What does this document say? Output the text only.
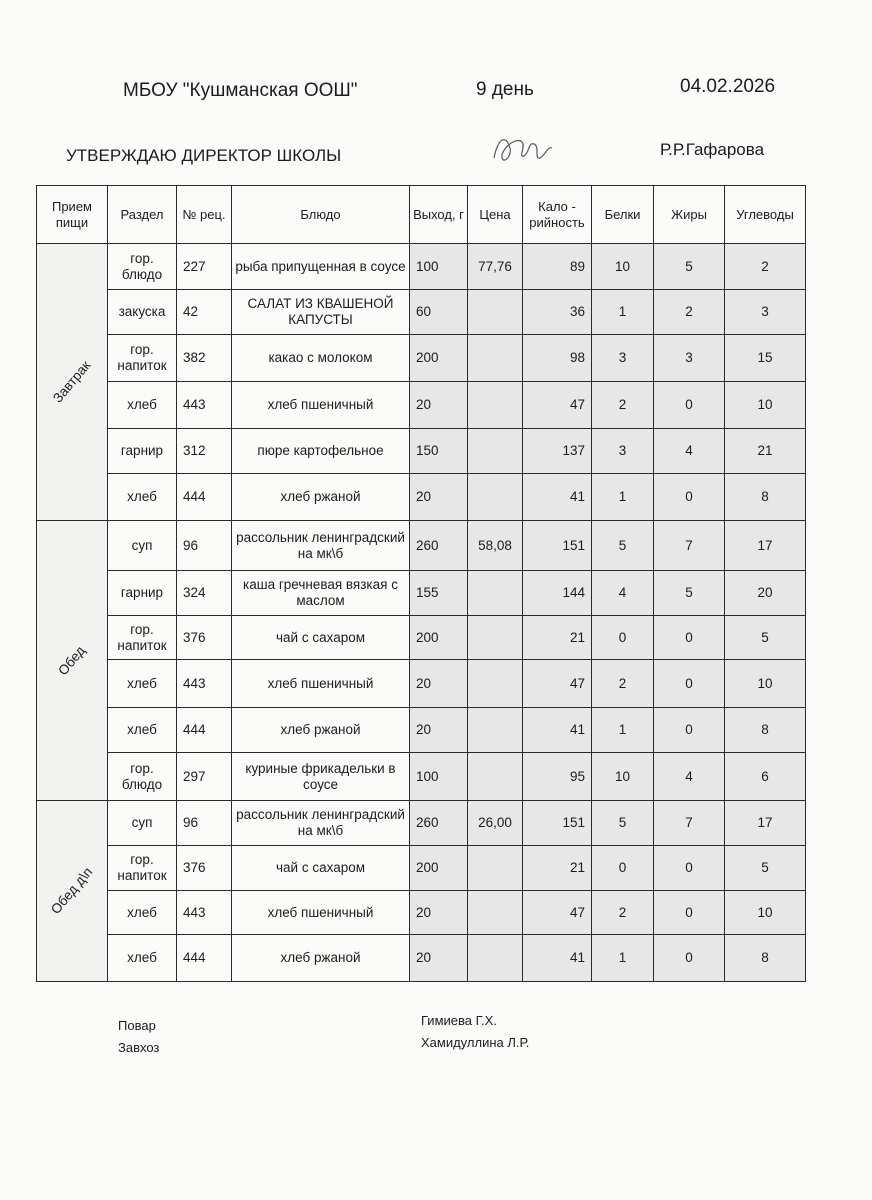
МБОУ "Кушманская ООШ"	9 день	04.02.2026
УТВЕРЖДАЮ ДИРЕКТОР ШКОЛЫ	Р.Р.Гафарова
Прием пищи	Раздел	№ рец.	Блюдо	Выход, г	Цена	Кало - рийность	Белки	Жиры	Углеводы

Завтрак	гор. блюдо	227	рыба припущенная в соусе	100	77,76	89	10	5	2
	закуска	42	САЛАТ ИЗ КВАШЕНОЙ КАПУСТЫ	60		36	1	2	3
	гор. напиток	382	какао с молоком	200		98	3	3	15
	хлеб	443	хлеб пшеничный	20		47	2	0	10
	гарнир	312	пюре картофельное	150		137	3	4	21
	хлеб	444	хлеб ржаной	20		41	1	0	8

Обед	суп	96	рассольник ленинградский на мк\б	260	58,08	151	5	7	17
	гарнир	324	каша гречневая вязкая с маслом	155		144	4	5	20
	гор. напиток	376	чай с сахаром	200		21	0	0	5
	хлеб	443	хлеб пшеничный	20		47	2	0	10
	хлеб	444	хлеб ржаной	20		41	1	0	8
	гор. блюдо	297	куриные фрикадельки в соусе	100		95	10	4	6

Обед д\п	суп	96	рассольник ленинградский на мк\б	260	26,00	151	5	7	17
	гор. напиток	376	чай с сахаром	200		21	0	0	5
	хлеб	443	хлеб пшеничный	20		47	2	0	10
	хлеб	444	хлеб ржаной	20		41	1	0	8
Повар	Гимиева Г.Х.
Завхоз	Хамидуллина Л.Р.
